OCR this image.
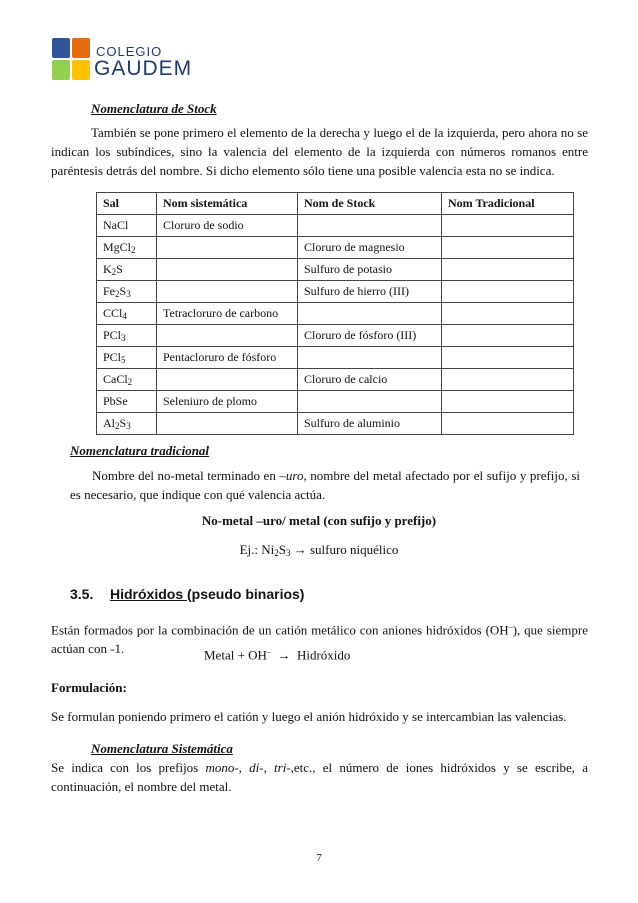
COLEGIO
GAUDEM
Nomenclatura de Stock
También se pone primero el elemento de la derecha y luego el de la izquierda, pero ahora no se indican los subíndices, sino la valencia del elemento de la izquierda con números romanos entre paréntesis detrás del nombre. Si dicho elemento sólo tiene una posible valencia esta no se indica.
Sal	Nom sistemática	Nom de Stock	Nom Tradicional
NaCl	Cloruro de sodio		
MgCl$_2$		Cloruro de magnesio	
$K_2S$		Sulfuro de potasio	
$Fe_2S_3$		Sulfuro de hierro (III)	
CCl$_4$	Tetracloruro de carbono		
PCl$_3$		Cloruro de fósforo (III)	
PCl$_5$	Pentacloruro de fósforo		
CaCl$_2$		Cloruro de calcio	
PbSe	Seleniuro de plomo		
$Al_2S_3$		Sulfuro de aluminio	
Nomenclatura tradicional
Nombre del no-metal terminado en –uro, nombre del metal afectado por el sufijo y prefijo, si es necesario, que indique con qué valencia actúa.
No-metal –uro/ metal (con sufijo y prefijo)
Ej.: $Ni_2S_3$ → sulfuro niquélico
3.5. Hidróxidos (pseudo binarios)
Están formados por la combinación de un catión metálico con aniones hidróxidos (OH–), que siempre actúan con -1.	Metal + OH– → Hidróxido
Formulación:
Se formulan poniendo primero el catión y luego el anión hidróxido y se intercambian las valencias.
Nomenclatura Sistemática
Se indica con los prefijos mono-, di-, tri-,etc., el número de iones hidróxidos y se escribe, a continuación, el nombre del metal.
7
